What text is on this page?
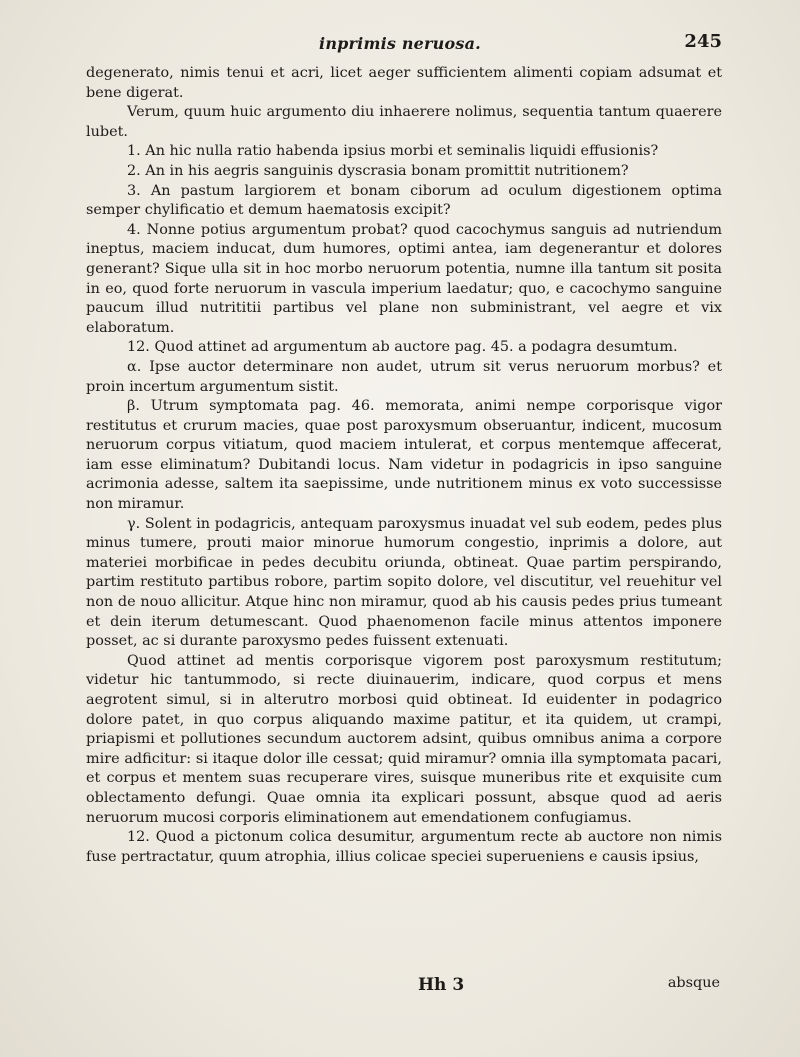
inprimis neruosa.	245

degenerato, nimis tenui et acri, licet aeger sufficientem alimenti copiam adsumat et bene digerat.

Verum, quum huic argumento diu inhaerere nolimus, sequentia tantum quaerere lubet.

1. An hic nulla ratio habenda ipsius morbi et seminalis liquidi effusionis?

2. An in his aegris sanguinis dyscrasia bonam promittit nutritionem?

3. An pastum largiorem et bonam ciborum ad oculum digestionem optima semper chylificatio et demum haematosis excipit?

4. Nonne potius argumentum probat? quod cacochymus sanguis ad nutriendum ineptus, maciem inducat, dum humores, optimi antea, iam degenerantur et dolores generant? Sique ulla sit in hoc morbo neruorum potentia, numne illa tantum sit posita in eo, quod forte neruorum in vascula imperium laedatur; quo, e cacochymo sanguine paucum illud nutrititii partibus vel plane non subministrant, vel aegre et vix elaboratum.

12. Quod attinet ad argumentum ab auctore pag. 45. a podagra desumtum.

α. Ipse auctor determinare non audet, utrum sit verus neruorum morbus? et proin incertum argumentum sistit.

β. Utrum symptomata pag. 46. memorata, animi nempe corporisque vigor restitutus et crurum macies, quae post paroxysmum obseruantur, indicent, mucosum neruorum corpus vitiatum, quod maciem intulerat, et corpus mentemque affecerat, iam esse eliminatum? Dubitandi locus. Nam videtur in podagricis in ipso sanguine acrimonia adesse, saltem ita saepissime, unde nutritionem minus ex voto successisse non miramur.

γ. Solent in podagricis, antequam paroxysmus inuadat vel sub eodem, pedes plus minus tumere, prouti maior minorue humorum congestio, inprimis a dolore, aut materiei morbificae in pedes decubitu oriunda, obtineat. Quae partim perspirando, partim restituto partibus robore, partim sopito dolore, vel discutitur, vel reuehitur vel non de nouo allicitur. Atque hinc non miramur, quod ab his causis pedes prius tumeant et dein iterum detumescant. Quod phaenomenon facile minus attentos imponere posset, ac si durante paroxysmo pedes fuissent extenuati.

Quod attinet ad mentis corporisque vigorem post paroxysmum restitutum; videtur hic tantummodo, si recte diuinauerim, indicare, quod corpus et mens aegrotent simul, si in alterutro morbosi quid obtineat. Id euidenter in podagrico dolore patet, in quo corpus aliquando maxime patitur, et ita quidem, ut crampi, priapismi et pollutiones secundum auctorem adsint, quibus omnibus anima a corpore mire adficitur: si itaque dolor ille cessat; quid miramur? omnia illa symptomata pacari, et corpus et mentem suas recuperare vires, suisque muneribus rite et exquisite cum oblectamento defungi. Quae omnia ita explicari possunt, absque quod ad aeris neruorum mucosi corporis eliminationem aut emendationem confugiamus.

12. Quod a pictonum colica desumitur, argumentum recte ab auctore non nimis fuse pertractatur, quum atrophia, illius colicae speciei superueniens e causis ipsius,

Hh 3	absque
